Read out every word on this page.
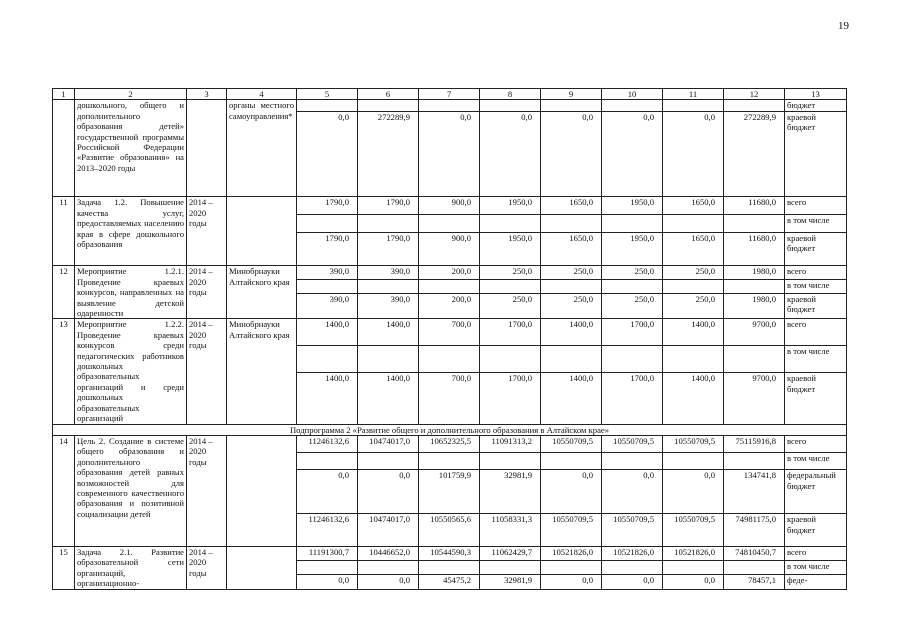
19
1	2	3	4	5	6	7	8	9	10	11	12	13
	дошкольного, общего и дополнительного образования детей» государственной программы Российской Федерации «Развитие образования» на 2013–2020 годы		органы местного самоуправления*									бюджет
				0,0	272289,9	0,0	0,0	0,0	0,0	0,0	272289,9	краевой бюджет
11	Задача 1.2. Повышение качества услуг, предоставляемых населению края в сфере дошкольного образования	2014 – 2020 годы		1790,0	1790,0	900,0	1950,0	1650,0	1950,0	1650,0	11680,0	всего
												в том числе
				1790,0	1790,0	900,0	1950,0	1650,0	1950,0	1650,0	11680,0	краевой бюджет
12	Мероприятие 1.2.1. Проведение краевых конкурсов, направленных на выявление детской одаренности	2014 – 2020 годы	Минобрнауки Алтайского края	390,0	390,0	200,0	250,0	250,0	250,0	250,0	1980,0	всего
												в том числе
				390,0	390,0	200,0	250,0	250,0	250,0	250,0	1980,0	краевой бюджет
13	Мероприятие 1.2.2. Проведение краевых конкурсов среди педагогических работников дошкольных образовательных организаций и среди дошкольных образовательных организаций	2014 – 2020 годы	Минобрнауки Алтайского края	1400,0	1400,0	700,0	1700,0	1400,0	1700,0	1400,0	9700,0	всего
												в том числе
				1400,0	1400,0	700,0	1700,0	1400,0	1700,0	1400,0	9700,0	краевой бюджет
Подпрограмма 2 «Развитие общего и дополнительного образования в Алтайском крае»												
14	Цель 2. Создание в системе общего образования и дополнительного образования детей равных возможностей для современного качественного образования и позитивной социализации детей	2014 – 2020 годы		11246132,6	10474017,0	10652325,5	11091313,2	10550709,5	10550709,5	10550709,5	75115916,8	всего
												в том числе
				0,0	0,0	101759,9	32981,9	0,0	0,0	0,0	134741,8	федеральный бюджет
				11246132,6	10474017,0	10550565,6	11058331,3	10550709,5	10550709,5	10550709,5	74981175,0	краевой бюджет
15	Задача 2.1. Развитие образовательной сети организаций, организационно-	2014 – 2020 годы		11191300,7	10446652,0	10544590,3	11062429,7	10521826,0	10521826,0	10521826,0	74810450,7	всего
												в том числе
				0,0	0,0	45475,2	32981,9	0,0	0,0	0,0	78457,1	феде-
